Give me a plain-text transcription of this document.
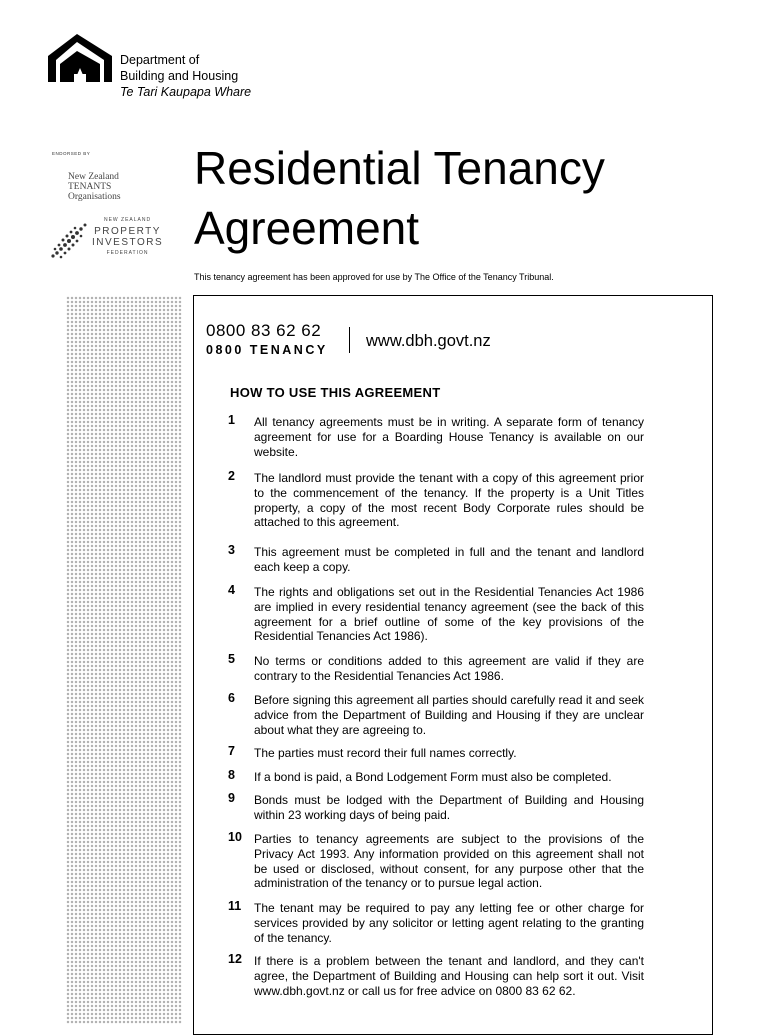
Department of
Building and Housing
Te Tari Kaupapa Whare
ENDORSED BY
New Zealand
TENANTS
Organisations
NEW ZEALAND
PROPERTY
INVESTORS
FEDERATION
Residential Tenancy
Agreement
This tenancy agreement has been approved for use by The Office of the Tenancy Tribunal.
0800 83 62 62
0800 TENANCY www.dbh.govt.nz
HOW TO USE THIS AGREEMENT
1	All tenancy agreements must be in writing. A separate form of tenancy agreement for use for a Boarding House Tenancy is available on our website.
2	The landlord must provide the tenant with a copy of this agreement prior to the commencement of the tenancy. If the property is a Unit Titles property, a copy of the most recent Body Corporate rules should be attached to this agreement.
3	This agreement must be completed in full and the tenant and landlord each keep a copy.
4	The rights and obligations set out in the Residential Tenancies Act 1986 are implied in every residential tenancy agreement (see the back of this agreement for a brief outline of some of the key provisions of the Residential Tenancies Act 1986).
5	No terms or conditions added to this agreement are valid if they are contrary to the Residential Tenancies Act 1986.
6	Before signing this agreement all parties should carefully read it and seek advice from the Department of Building and Housing if they are unclear about what they are agreeing to.
7	The parties must record their full names correctly.
8	If a bond is paid, a Bond Lodgement Form must also be completed.
9	Bonds must be lodged with the Department of Building and Housing within 23 working days of being paid.
10	Parties to tenancy agreements are subject to the provisions of the Privacy Act 1993. Any information provided on this agreement shall not be used or disclosed, without consent, for any purpose other that the administration of the tenancy or to pursue legal action.
11	The tenant may be required to pay any letting fee or other charge for services provided by any solicitor or letting agent relating to the granting of the tenancy.
12	If there is a problem between the tenant and landlord, and they can't agree, the Department of Building and Housing can help sort it out. Visit www.dbh.govt.nz or call us for free advice on 0800 83 62 62.
